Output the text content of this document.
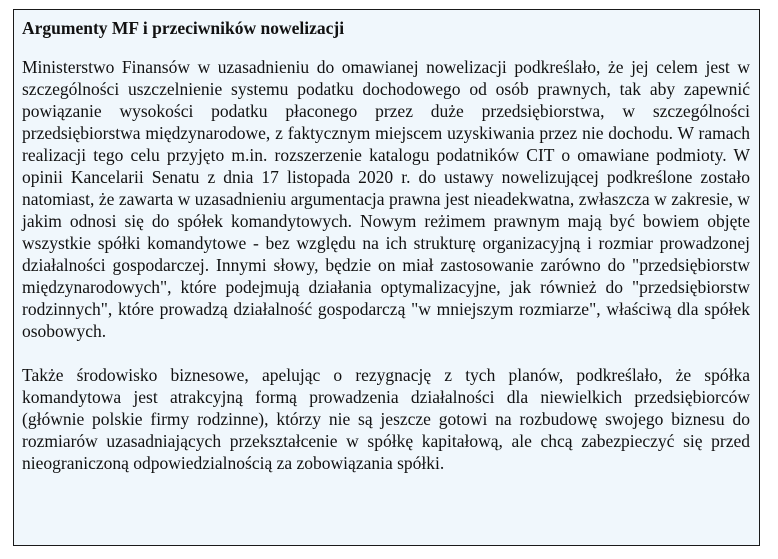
Argumenty MF i przeciwników nowelizacji

Ministerstwo Finansów w uzasadnieniu do omawianej nowelizacji podkreślało, że jej celem jest w szczególności uszczelnienie systemu podatku dochodowego od osób prawnych, tak aby zapewnić powiązanie wysokości podatku płaconego przez duże przedsiębiorstwa, w szczególności przedsiębiorstwa międzynarodowe, z faktycznym miejscem uzyskiwania przez nie dochodu. W ramach realizacji tego celu przyjęto m.in. rozszerzenie katalogu podatników CIT o omawiane podmioty. W opinii Kancelarii Senatu z dnia 17 listopada 2020 r. do ustawy nowelizującej podkreślone zostało natomiast, że zawarta w uzasadnieniu argumentacja prawna jest nieadekwatna, zwłaszcza w zakresie, w jakim odnosi się do spółek komandytowych. Nowym reżimem prawnym mają być bowiem objęte wszystkie spółki komandytowe - bez względu na ich strukturę organizacyjną i rozmiar prowadzonej działalności gospodarczej. Innymi słowy, będzie on miał zastosowanie zarówno do "przedsiębiorstw międzynarodowych", które podejmują działania optymalizacyjne, jak również do "przedsiębiorstw rodzinnych", które prowadzą działalność gospodarczą "w mniejszym rozmiarze", właściwą dla spółek osobowych.

Także środowisko biznesowe, apelując o rezygnację z tych planów, podkreślało, że spółka komandytowa jest atrakcyjną formą prowadzenia działalności dla niewielkich przedsiębiorców (głównie polskie firmy rodzinne), którzy nie są jeszcze gotowi na rozbudowę swojego biznesu do rozmiarów uzasadniających przekształcenie w spółkę kapitałową, ale chcą zabezpieczyć się przed nieograniczoną odpowiedzialnością za zobowiązania spółki.
